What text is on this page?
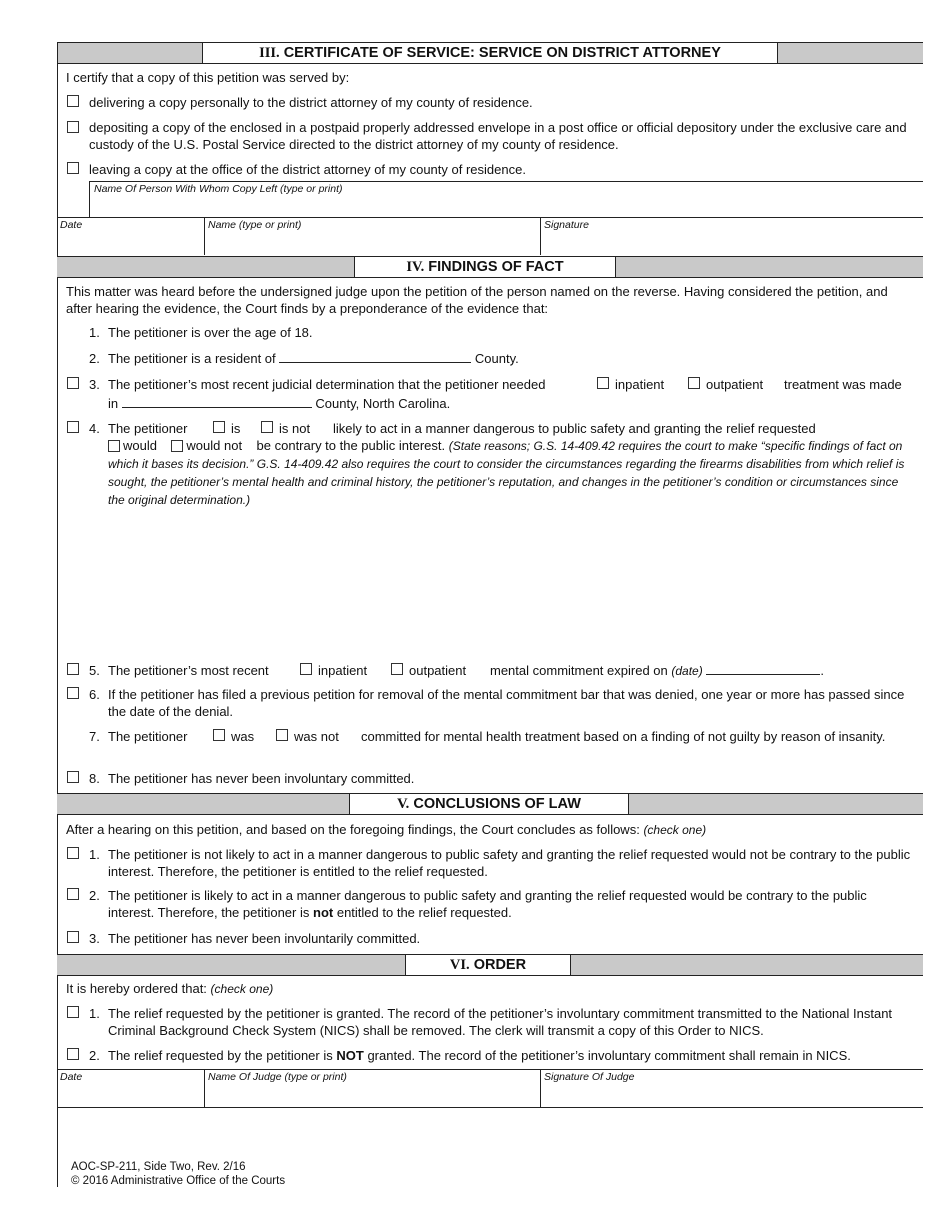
III. CERTIFICATE OF SERVICE: SERVICE ON DISTRICT ATTORNEY
I certify that a copy of this petition was served by:
delivering a copy personally to the district attorney of my county of residence.
depositing a copy of the enclosed in a postpaid properly addressed envelope in a post office or official depository under the exclusive care and custody of the U.S. Postal Service directed to the district attorney of my county of residence.
leaving a copy at the office of the district attorney of my county of residence.
Name Of Person With Whom Copy Left (type or print)
Date	Name (type or print)	Signature
IV. FINDINGS OF FACT
This matter was heard before the undersigned judge upon the petition of the person named on the reverse. Having considered the petition, and after hearing the evidence, the Court finds by a preponderance of the evidence that:
1. The petitioner is over the age of 18.
2. The petitioner is a resident of	County.
3. The petitioner’s most recent judicial determination that the petitioner needed	inpatient	outpatient treatment was made
in	County, North Carolina.
4. The petitioner	is	is not likely to act in a manner dangerous to public safety and granting the relief requested
would would not be contrary to the public interest. (State reasons; G.S. 14-409.42 requires the court to make “specific findings of fact on which it bases its decision.” G.S. 14-409.42 also requires the court to consider the circumstances regarding the firearms disabilities from which relief is sought, the petitioner’s mental health and criminal history, the petitioner’s reputation, and changes in the petitioner’s condition or circumstances since the original determination.)
5. The petitioner’s most recent	inpatient	outpatient mental commitment expired on (date)	.
6. If the petitioner has filed a previous petition for removal of the mental commitment bar that was denied, one year or more has passed since the date of the denial.
7. The petitioner	was	was not	committed for mental health treatment based on a finding of not guilty by reason of insanity.
8. The petitioner has never been involuntary committed.
V. CONCLUSIONS OF LAW
After a hearing on this petition, and based on the foregoing findings, the Court concludes as follows: (check one)
1. The petitioner is not likely to act in a manner dangerous to public safety and granting the relief requested would not be contrary to the public interest. Therefore, the petitioner is entitled to the relief requested.
2. The petitioner is likely to act in a manner dangerous to public safety and granting the relief requested would be contrary to the public interest. Therefore, the petitioner is not entitled to the relief requested.
3. The petitioner has never been involuntarily committed.
VI. ORDER
It is hereby ordered that: (check one)
1. The relief requested by the petitioner is granted. The record of the petitioner’s involuntary commitment transmitted to the National Instant Criminal Background Check System (NICS) shall be removed. The clerk will transmit a copy of this Order to NICS.
2. The relief requested by the petitioner is NOT granted. The record of the petitioner’s involuntary commitment shall remain in NICS.
Date	Name Of Judge (type or print)	Signature Of Judge
AOC-SP-211, Side Two, Rev. 2/16
© 2016 Administrative Office of the Courts
